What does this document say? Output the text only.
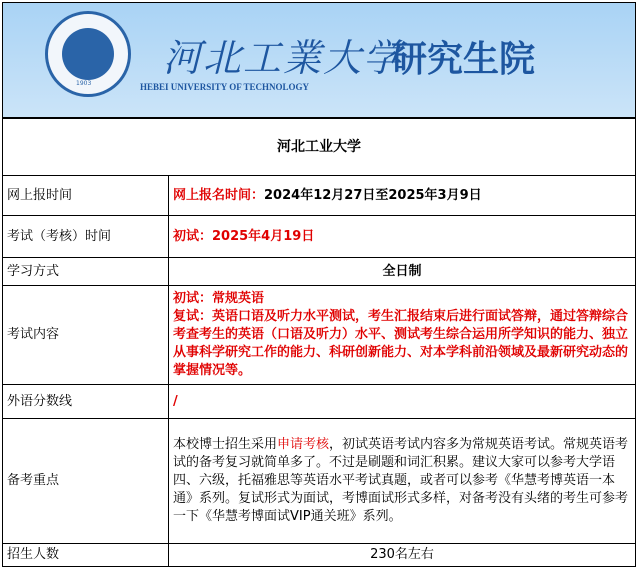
1903
河北工業大学
研究生院
HEBEI UNIVERSITY OF TECHNOLOGY
河北工业大学	
网上报时间	网上报名时间：2024年12月27日至2025年3月9日
考试（考核）时间	初试：2025年4月19日
学习方式	全日制
考试内容	初试：常规英语
复试：英语口语及听力水平测试，考生汇报结束后进行面试答辩，通过答辩综合考查考生的英语（口语及听力）水平、测试考生综合运用所学知识的能力、独立从事科学研究工作的能力、科研创新能力、对本学科前沿领域及最新研究动态的掌握情况等。

外语分数线	/
备考重点	本校博士招生采用申请考核，初试英语考试内容多为常规英语考试。常规英语考试的备考复习就简单多了。不过是刷题和词汇积累。建议大家可以参考大学语四、六级，托福雅思等英语水平考试真题，或者可以参考《华慧考博英语一本通》系列。复试形式为面试，考博面试形式多样，对备考没有头绪的考生可参考一下《华慧考博面试VIP通关班》系列。
招生人数	230名左右
